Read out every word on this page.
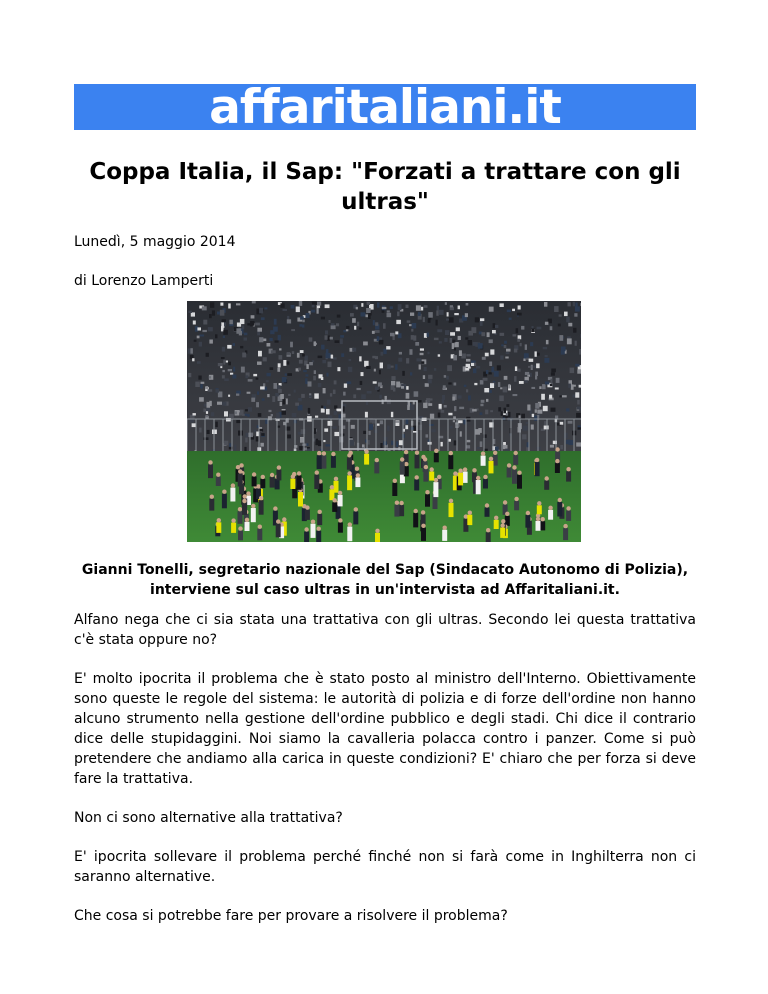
affaritaliani.it
Coppa Italia, il Sap: "Forzati a trattare con gli ultras"
Lunedì, 5 maggio 2014
di Lorenzo Lamperti
Gianni Tonelli, segretario nazionale del Sap (Sindacato Autonomo di Polizia), interviene sul caso ultras in un'intervista ad Affaritaliani.it.

Alfano nega che ci sia stata una trattativa con gli ultras. Secondo lei questa trattativa c'è stata oppure no?

E' molto ipocrita il problema che è stato posto al ministro dell'Interno. Obiettivamente sono queste le regole del sistema: le autorità di polizia e di forze dell'ordine non hanno alcuno strumento nella gestione dell'ordine pubblico e degli stadi. Chi dice il contrario dice delle stupidaggini. Noi siamo la cavalleria polacca contro i panzer. Come si può pretendere che andiamo alla carica in queste condizioni? E' chiaro che per forza si deve fare la trattativa.

Non ci sono alternative alla trattativa?

E' ipocrita sollevare il problema perché finché non si farà come in Inghilterra non ci saranno alternative.

Che cosa si potrebbe fare per provare a risolvere il problema?
